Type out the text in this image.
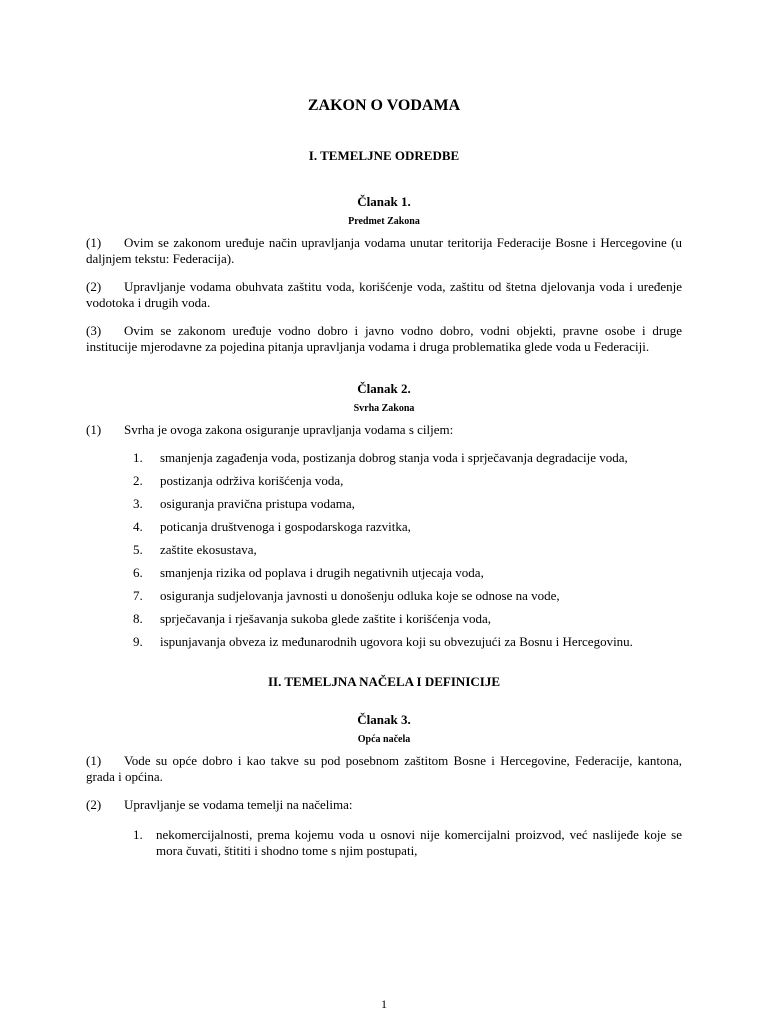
ZAKON O VODAMA
I. TEMELJNE ODREDBE
Članak 1.
Predmet Zakona

(1) Ovim se zakonom uređuje način upravljanja vodama unutar teritorija Federacije Bosne i Hercegovine (u daljnjem tekstu: Federacija).

(2) Upravljanje vodama obuhvata zaštitu voda, korišćenje voda, zaštitu od štetna djelovanja voda i uređenje vodotoka i drugih voda.

(3) Ovim se zakonom uređuje vodno dobro i javno vodno dobro, vodni objekti, pravne osobe i druge institucije mjerodavne za pojedina pitanja upravljanja vodama i druga problematika glede voda u Federaciji.

Članak 2.
Svrha Zakona

(1) Svrha je ovoga zakona osiguranje upravljanja vodama s ciljem:

1. smanjenja zagađenja voda, postizanja dobrog stanja voda i sprječavanja degradacije voda,
2. postizanja održiva korišćenja voda,
3. osiguranja pravična pristupa vodama,
4. poticanja društvenoga i gospodarskoga razvitka,
5. zaštite ekosustava,
6. smanjenja rizika od poplava i drugih negativnih utjecaja voda,
7. osiguranja sudjelovanja javnosti u donošenju odluka koje se odnose na vode,
8. sprječavanja i rješavanja sukoba glede zaštite i korišćenja voda,
9. ispunjavanja obveza iz međunarodnih ugovora koji su obvezujući za Bosnu i Hercegovinu.
II. TEMELJNA NAČELA I DEFINICIJE
Članak 3.
Opća načela

(1) Vode su opće dobro i kao takve su pod posebnom zaštitom Bosne i Hercegovine, Federacije, kantona, grada i općina.

(2) Upravljanje se vodama temelji na načelima:

1. nekomercijalnosti, prema kojemu voda u osnovi nije komercijalni proizvod, već naslijeđe koje se mora čuvati, štititi i shodno tome s njim postupati,
1
